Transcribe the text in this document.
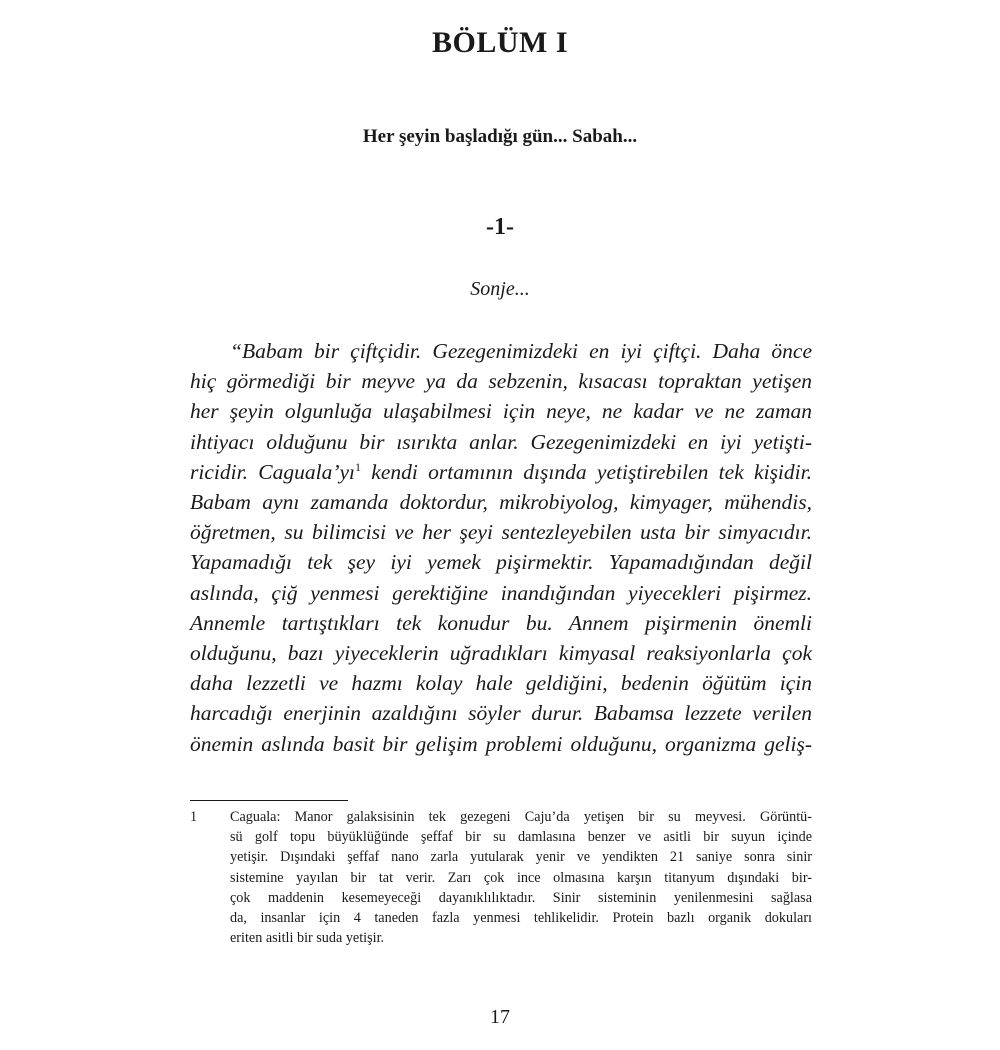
BÖLÜM I
Her şeyin başladığı gün... Sabah...
-1-
Sonje...
“Babam bir çiftçidir. Gezegenimizdeki en iyi çiftçi. Daha önce
hiç görmediği bir meyve ya da sebzenin, kısacası topraktan yetişen
her şeyin olgunluğa ulaşabilmesi için neye, ne kadar ve ne zaman
ihtiyacı olduğunu bir ısırıkta anlar. Gezegenimizdeki en iyi yetişti-
ricidir. Caguala’yı$^1$ kendi ortamının dışında yetiştirebilen tek kişidir.
Babam aynı zamanda doktordur, mikrobiyolog, kimyager, mühendis,
öğretmen, su bilimcisi ve her şeyi sentezleyebilen usta bir simyacıdır.
Yapamadığı tek şey iyi yemek pişirmektir. Yapamadığından değil
aslında, çiğ yenmesi gerektiğine inandığından yiyecekleri pişirmez.
Annemle tartıştıkları tek konudur bu. Annem pişirmenin önemli
olduğunu, bazı yiyeceklerin uğradıkları kimyasal reaksiyonlarla çok
daha lezzetli ve hazmı kolay hale geldiğini, bedenin öğütüm için
harcadığı enerjinin azaldığını söyler durur. Babamsa lezzete verilen
önemin aslında basit bir gelişim problemi olduğunu, organizma geliş-
1 Caguala: Manor galaksisinin tek gezegeni Caju’da yetişen bir su meyvesi. Görüntü-
sü golf topu büyüklüğünde şeffaf bir su damlasına benzer ve asitli bir suyun içinde
yetişir. Dışındaki şeffaf nano zarla yutularak yenir ve yendikten 21 saniye sonra sinir
sistemine yayılan bir tat verir. Zarı çok ince olmasına karşın titanyum dışındaki bir-
çok maddenin kesemeyeceği dayanıklılıktadır. Sinir sisteminin yenilenmesini sağlasa
da, insanlar için 4 taneden fazla yenmesi tehlikelidir. Protein bazlı organik dokuları
eriten asitli bir suda yetişir.
17
